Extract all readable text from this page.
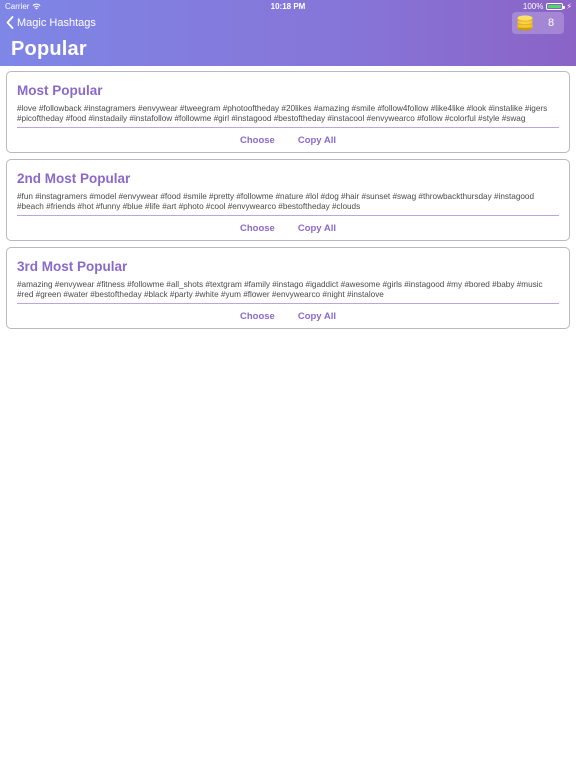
Carrier	10:18 PM	100%	⚡
Magic Hashtags
Popular
8
Most Popular
#love #followback #instagramers #envywear #tweegram #photooftheday #20likes #amazing #smile #follow4follow #like4like #look #instalike #igers #picoftheday #food #instadaily #instafollow #followme #girl #instagood #bestoftheday #instacool #envywearco #follow #colorful #style #swag
Choose Copy All
2nd Most Popular
#fun #instagramers #model #envywear #food #smile #pretty #followme #nature #lol #dog #hair #sunset #swag #throwbackthursday #instagood #beach #friends #hot #funny #blue #life #art #photo #cool #envywearco #bestoftheday #clouds
Choose Copy All
3rd Most Popular
#amazing #envywear #fitness #followme #all_shots #textgram #family #instago #igaddict #awesome #girls #instagood #my #bored #baby #music #red #green #water #bestoftheday #black #party #white #yum #flower #envywearco #night #instalove
Choose Copy All
